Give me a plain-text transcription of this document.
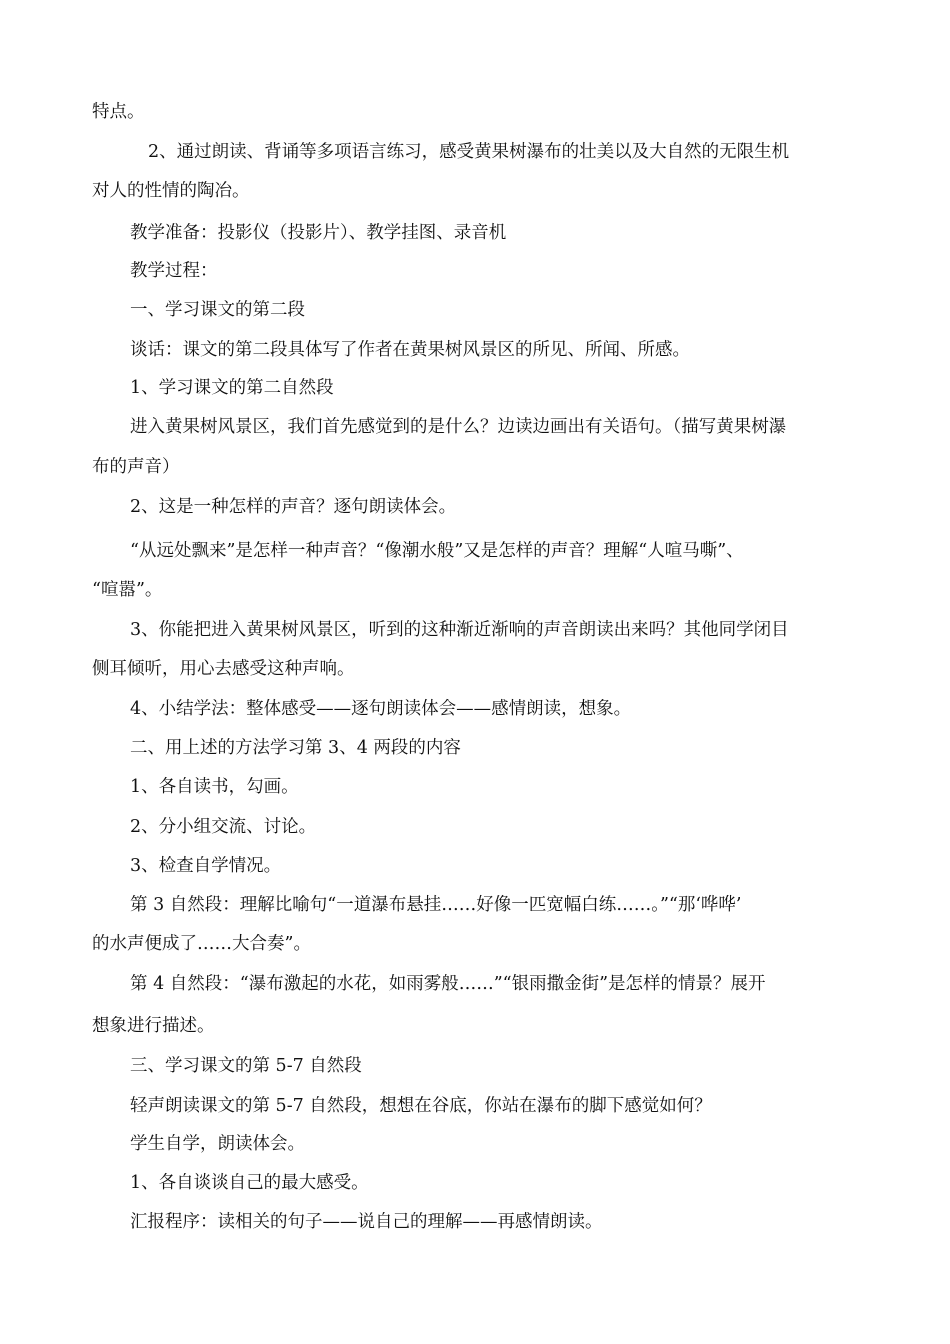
特点。
2、通过朗读、背诵等多项语言练习，感受黄果树瀑布的壮美以及大自然的无限生机
对人的性情的陶冶。
教学准备：投影仪（投影片）、教学挂图、录音机
教学过程：
一、学习课文的第二段
谈话：课文的第二段具体写了作者在黄果树风景区的所见、所闻、所感。
1、学习课文的第二自然段
进入黄果树风景区，我们首先感觉到的是什么？边读边画出有关语句。（描写黄果树瀑
布的声音）
2、这是一种怎样的声音？逐句朗读体会。
“从远处飘来”是怎样一种声音？“像潮水般”又是怎样的声音？理解“人喧马嘶”、
“喧嚣”。
3、你能把进入黄果树风景区，听到的这种渐近渐响的声音朗读出来吗？其他同学闭目
侧耳倾听，用心去感受这种声响。
4、小结学法：整体感受——逐句朗读体会——感情朗读，想象。
二、用上述的方法学习第 3、4 两段的内容
1、各自读书，勾画。
2、分小组交流、讨论。
3、检查自学情况。
第 3 自然段：理解比喻句“一道瀑布悬挂……好像一匹宽幅白练……。”“那‘哗哗’
的水声便成了……大合奏”。
第 4 自然段：“瀑布激起的水花，如雨雾般……”“银雨撒金街”是怎样的情景？展开
想象进行描述。
三、学习课文的第 5-7 自然段
轻声朗读课文的第 5-7 自然段，想想在谷底，你站在瀑布的脚下感觉如何？
学生自学，朗读体会。
1、各自谈谈自己的最大感受。
汇报程序：读相关的句子——说自己的理解——再感情朗读。
